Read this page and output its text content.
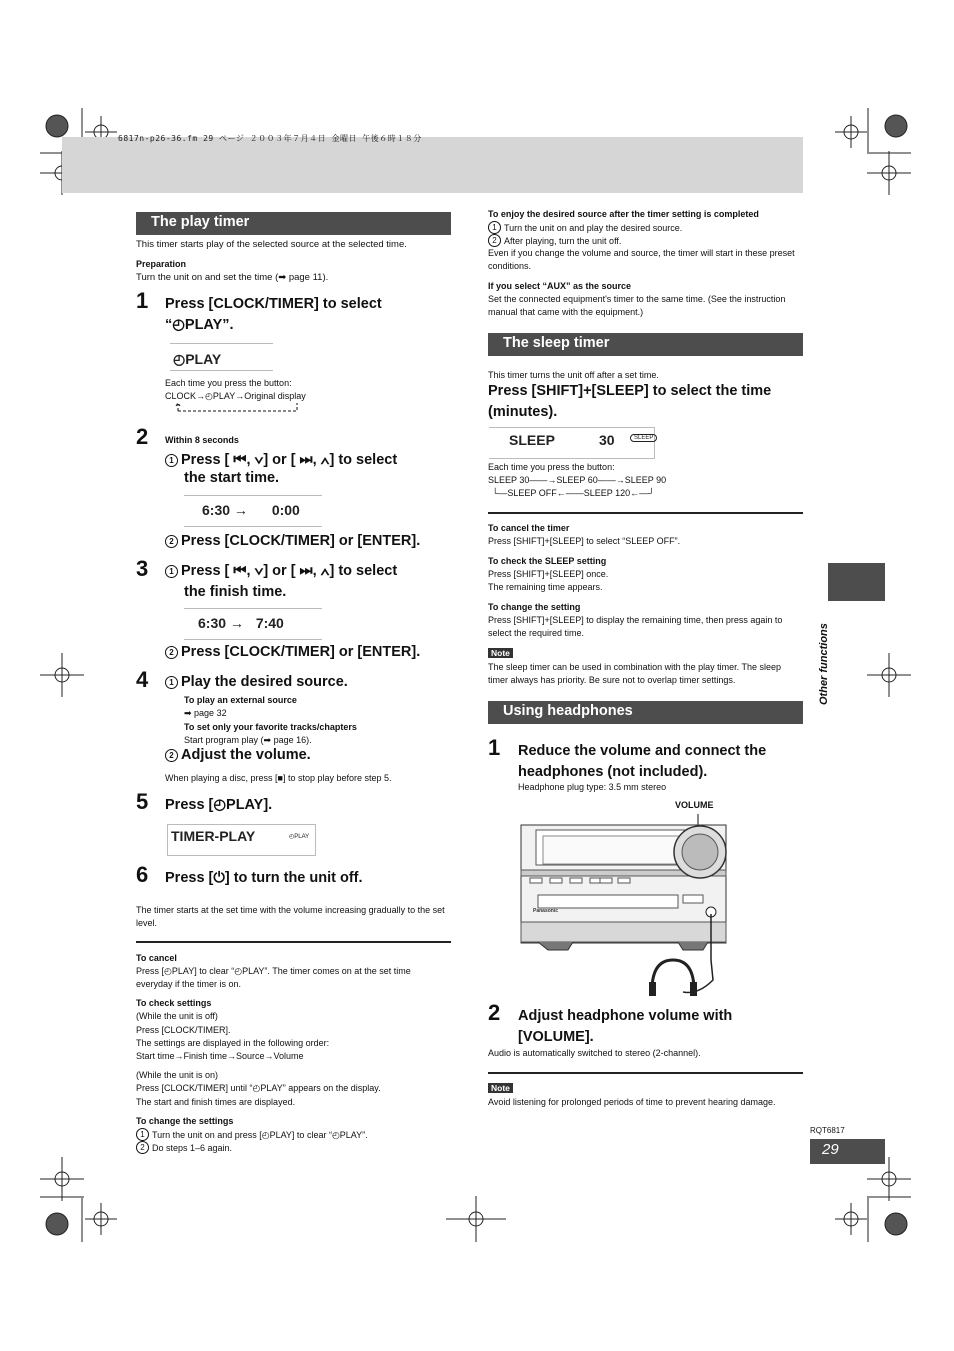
6817n-p26-36.fm 29 ページ ２００３年７月４日 金曜日 午後６時１８分
The play timer
This timer starts play of the selected source at the selected time.
Preparation
Turn the unit on and set the time (➡ page 11).
1 Press [CLOCK/TIMER] to select
“◴PLAY”.
◴PLAY
Each time you press the button:
CLOCK→◴PLAY→Original display
2 Within 8 seconds
1 Press [ ⏮, ∨] or [ ⏭, ∧] to select
the start time.
6:30 → 0:00
2 Press [CLOCK/TIMER] or [ENTER].
3	1 Press [ ⏮, ∨] or [ ⏭, ∧] to select
the finish time.
6:30 → 7:40
2 Press [CLOCK/TIMER] or [ENTER].
4	1 Play the desired source.
To play an external source
➡ page 32
To set only your favorite tracks/chapters
Start program play (➡ page 16).
2 Adjust the volume.
When playing a disc, press [■] to stop play before step 5.
5 Press [◴PLAY].
TIMER-PLAY	◴PLAY
6 Press [⏻] to turn the unit off.
The timer starts at the set time with the volume increasing gradually to the set level.
To cancel
Press [◴PLAY] to clear “◴PLAY”. The timer comes on at the set time everyday if the timer is on.
To check settings
(While the unit is off)
Press [CLOCK/TIMER].
The settings are displayed in the following order:
Start time→Finish time→Source→Volume
(While the unit is on)
Press [CLOCK/TIMER] until “◴PLAY” appears on the display.
The start and finish times are displayed.
To change the settings
1 Turn the unit on and press [◴PLAY] to clear “◴PLAY”.
2 Do steps 1–6 again.
To enjoy the desired source after the timer setting is completed
1 Turn the unit on and play the desired source.
2 After playing, turn the unit off.
Even if you change the volume and source, the timer will start in these preset conditions.
If you select “AUX” as the source
Set the connected equipment's timer to the same time. (See the instruction manual that came with the equipment.)
The sleep timer
This timer turns the unit off after a set time.
Press [SHIFT]+[SLEEP] to select the time (minutes).
SLEEP	30	SLEEP
Each time you press the button:
SLEEP 30——→SLEEP 60——→SLEEP 90
└—SLEEP OFF←——SLEEP 120←—┘
To cancel the timer
Press [SHIFT]+[SLEEP] to select “SLEEP OFF”.
To check the SLEEP setting
Press [SHIFT]+[SLEEP] once.
The remaining time appears.
To change the setting
Press [SHIFT]+[SLEEP] to display the remaining time, then press again to select the required time.
Note
The sleep timer can be used in combination with the play timer. The sleep timer always has priority. Be sure not to overlap timer settings.
Using headphones
1 Reduce the volume and connect the headphones (not included).
Headphone plug type: 3.5 mm stereo
VOLUME
Panasonic
2 Adjust headphone volume with [VOLUME].
Audio is automatically switched to stereo (2-channel).
Note
Avoid listening for prolonged periods of time to prevent hearing damage.
Other functions
RQT6817
29
